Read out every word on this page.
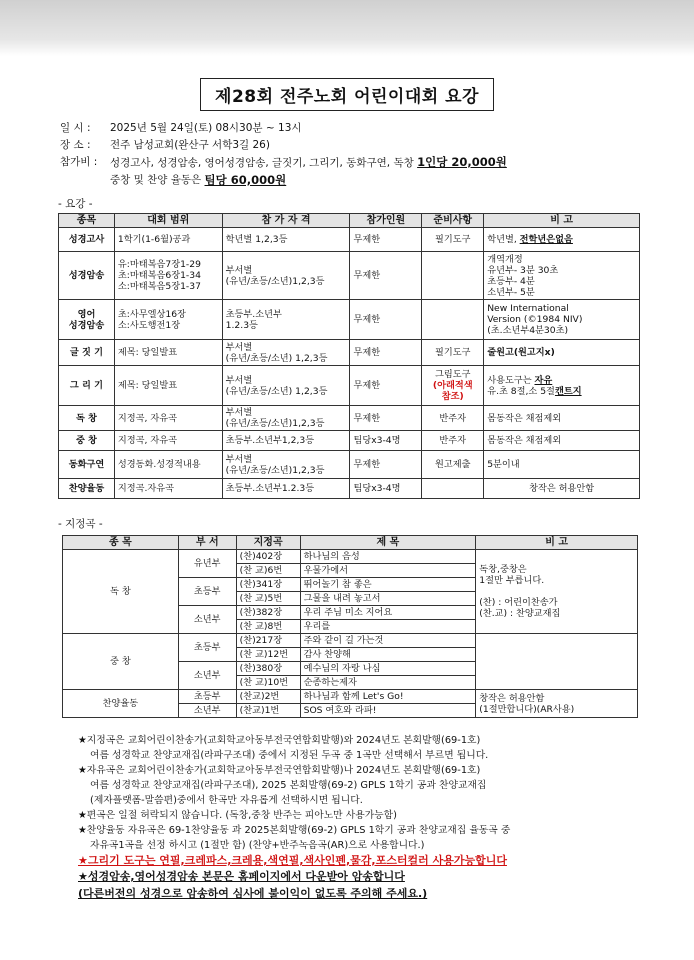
제28회 전주노회 어린이대회 요강
일 시 :	2025년 5월 24일(토) 08시30분 ~ 13시
장 소 :	전주 남성교회(완산구 서학3길 26)
참가비 :	성경고사, 성경암송, 영어성경암송, 글짓기, 그리기, 동화구연, 독창 1인당 20,000원
중창 및 찬양 율동은
팀당 60,000원
- 요강 -
종목	대회 범위	참 가 자 격	참가인원	준비사항	비 고
성경고사	1학기(1-6월)공과	학년별 1,2,3등	무제한	필기도구	학년별, 전학년은없음
성경암송	유:마태복음7장1-29
초:마태복음6장1-34
소:마태복음5장1-37	부서별
(유년/초등/소년)1,2,3등	무제한		개역개정
유년부- 3분 30초
초등부- 4분
소년부- 5분
영어
성경암송	초:사무엘상16장
소:사도행전1장	초등부.소년부
1.2.3등	무제한		New International
Version (©1984 NIV)
(초.소년부4분30초)
글 짓 기	제목: 당일발표	부서별
(유년/초등/소년) 1,2,3등	무제한	필기도구	줄원고(원고지x)
그 리 기	제목: 당일발표	부서별
(유년/초등/소년) 1,2,3등	무제한	그림도구
(아래적색
참조)	사용도구는 자유
유.초 8절,소 5절캔트지
독 창	지정곡, 자유곡	부서별
(유년/초등/소년)1,2,3등	무제한	반주자	몸동작은 채점제외
중 창	지정곡, 자유곡	초등부.소년부1,2,3등	팀당x3-4명	반주자	몸동작은 채점제외
동화구연	성경동화.성경적내용	부서별
(유년/초등/소년)1,2,3등	무제한	원고제출	5분이내
찬양율동	지정곡.자유곡	초등부.소년부1.2.3등	팀당x3-4명		창작은 허용안함
- 지정곡 -
종 목	부 서	지정곡	제 목	비 고
독 창	유년부	(찬)402장	하나님의 음성	독창,중창은
1절만 부릅니다.

(찬) : 어린이찬송가
(찬.교) : 찬양교재집
		(찬 교)6번	우물가에서	
	초등부	(찬)341장	뛰어놀기 참 좋은	
		(찬 교)5번	그물을 내려 놓고서	
	소년부	(찬)382장	우리 주님 미소 지어요	
		(찬 교)8번	우리를	
중 창	초등부	(찬)217장	주와 같이 길 가는것	
		(찬 교)12번	감사 찬양해	
	소년부	(찬)380장	예수님의 자랑 나심	
		(찬 교)10번	순종하는제자	
찬양율동	초등부	(찬교)2번	하나님과 함께 Let's Go!	창작은 허용안함
(1절만합니다)(AR사용)
	소년부	(찬교)1번	SOS 여호와 라파!	

★지정곡은 교회어린이찬송가(교회학교아동부전국연합회발행)와 2024년도 본회발행(69-1호)

여름 성경학교 찬양교재집(라파구조대) 중에서 지정된 두곡 중 1곡만 선택해서 부르면 됩니다.

★자유곡은 교회어린이찬송가(교회학교아동부전국연합회발행)나 2024년도 본회발행(69-1호)

여름 성경학교 찬양교재집(라파구조대), 2025 본회발행(69-2) GPLS 1학기 공과 찬양교재집

(제자플랫폼-말씀편)중에서 한곡만 자유롭게 선택하시면 됩니다.

★편곡은 일절 허락되지 않습니다. (독창,중창 반주는 피아노만 사용가능함)

★찬양율동 자유곡은 69-1찬양율동 과 2025본회발행(69-2) GPLS 1학기 공과 찬양교재집 율동곡 중

자유곡1곡을 선정 하시고 (1절만 함) (찬양+반주녹음곡(AR)으로 사용합니다.)

★그리기 도구는 연필,크레파스,크레용,색연필,색사인펜,물감,포스터컬러 사용가능합니다

★성경암송,영어성경암송 본문은 홈페이지에서 다운받아 암송합니다

(다른버전의 성경으로 암송하여 심사에 불이익이 없도록 주의해 주세요.)
